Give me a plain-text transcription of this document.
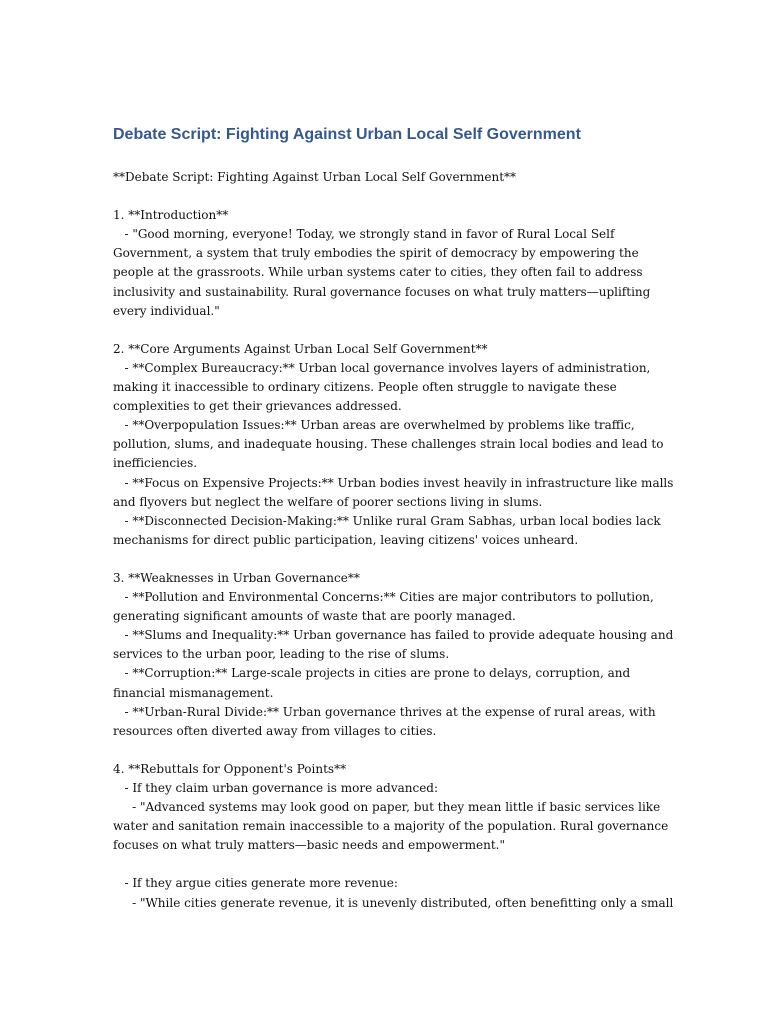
Debate Script: Fighting Against Urban Local Self Government
**Debate Script: Fighting Against Urban Local Self Government**
1. **Introduction**
- "Good morning, everyone! Today, we strongly stand in favor of Rural Local Self
Government, a system that truly embodies the spirit of democracy by empowering the
people at the grassroots. While urban systems cater to cities, they often fail to address
inclusivity and sustainability. Rural governance focuses on what truly matters—uplifting
every individual."
2. **Core Arguments Against Urban Local Self Government**
- **Complex Bureaucracy:** Urban local governance involves layers of administration,
making it inaccessible to ordinary citizens. People often struggle to navigate these
complexities to get their grievances addressed.
- **Overpopulation Issues:** Urban areas are overwhelmed by problems like traffic,
pollution, slums, and inadequate housing. These challenges strain local bodies and lead to
inefficiencies.
- **Focus on Expensive Projects:** Urban bodies invest heavily in infrastructure like malls
and flyovers but neglect the welfare of poorer sections living in slums.
- **Disconnected Decision-Making:** Unlike rural Gram Sabhas, urban local bodies lack
mechanisms for direct public participation, leaving citizens' voices unheard.
3. **Weaknesses in Urban Governance**
- **Pollution and Environmental Concerns:** Cities are major contributors to pollution,
generating significant amounts of waste that are poorly managed.
- **Slums and Inequality:** Urban governance has failed to provide adequate housing and
services to the urban poor, leading to the rise of slums.
- **Corruption:** Large-scale projects in cities are prone to delays, corruption, and
financial mismanagement.
- **Urban-Rural Divide:** Urban governance thrives at the expense of rural areas, with
resources often diverted away from villages to cities.
4. **Rebuttals for Opponent's Points**
- If they claim urban governance is more advanced:
- "Advanced systems may look good on paper, but they mean little if basic services like
water and sanitation remain inaccessible to a majority of the population. Rural governance
focuses on what truly matters—basic needs and empowerment."
- If they argue cities generate more revenue:
- "While cities generate revenue, it is unevenly distributed, often benefitting only a small
